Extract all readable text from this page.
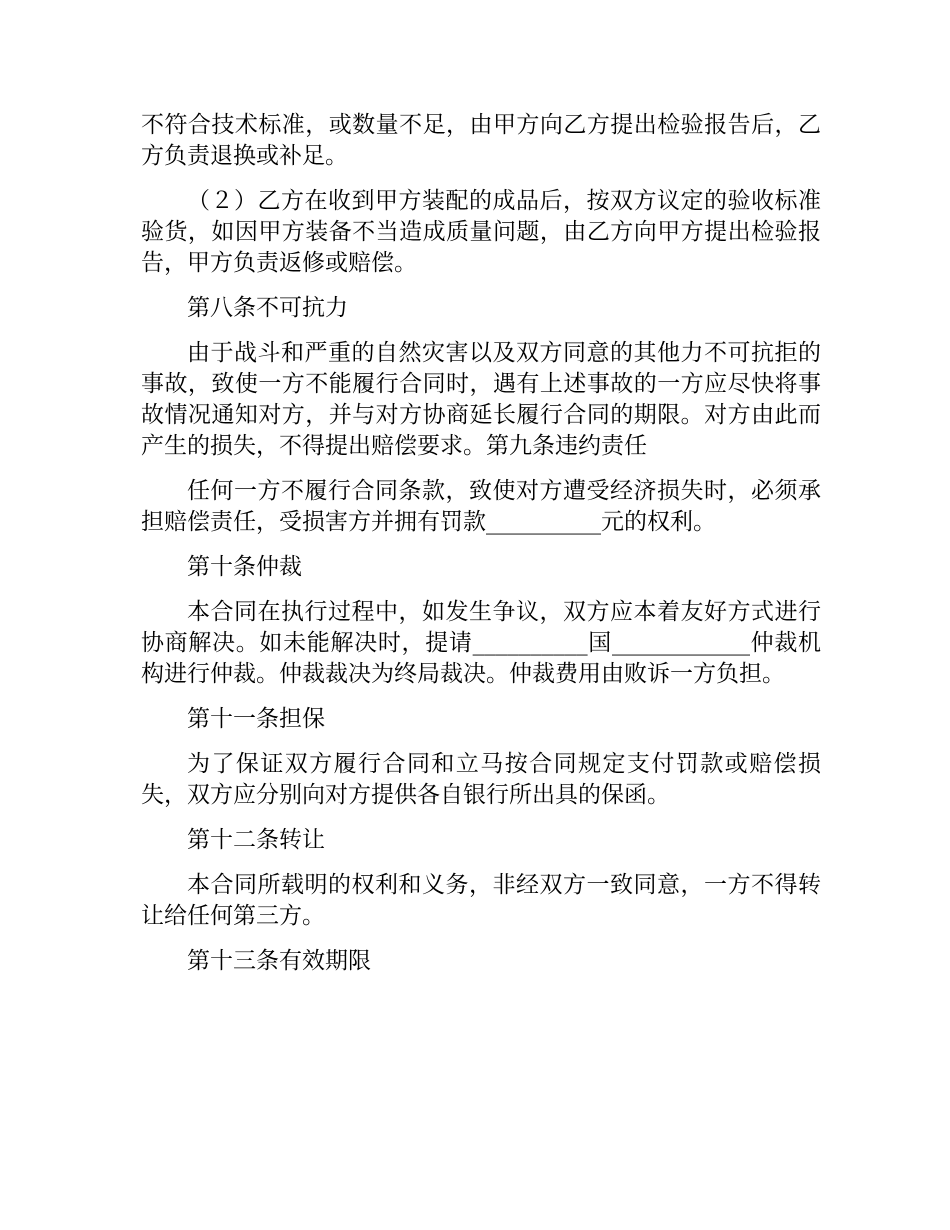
不符合技术标准，或数量不足，由甲方向乙方提出检验报告后，乙方负责退换或补足。

（２）乙方在收到甲方装配的成品后，按双方议定的验收标准验货，如因甲方装备不当造成质量问题，由乙方向甲方提出检验报告，甲方负责返修或赔偿。

第八条不可抗力

由于战斗和严重的自然灾害以及双方同意的其他力不可抗拒的事故，致使一方不能履行合同时，遇有上述事故的一方应尽快将事故情况通知对方，并与对方协商延长履行合同的期限。对方由此而产生的损失，不得提出赔偿要求。第九条违约责任

任何一方不履行合同条款，致使对方遭受经济损失时，必须承担赔偿责任，受损害方并拥有罚款__________元的权利。

第十条仲裁

本合同在执行过程中，如发生争议，双方应本着友好方式进行协商解决。如未能解决时，提请__________国____________仲裁机构进行仲裁。仲裁裁决为终局裁决。仲裁费用由败诉一方负担。

第十一条担保

为了保证双方履行合同和立马按合同规定支付罚款或赔偿损失，双方应分别向对方提供各自银行所出具的保函。

第十二条转让

本合同所载明的权利和义务，非经双方一致同意，一方不得转让给任何第三方。

第十三条有效期限
